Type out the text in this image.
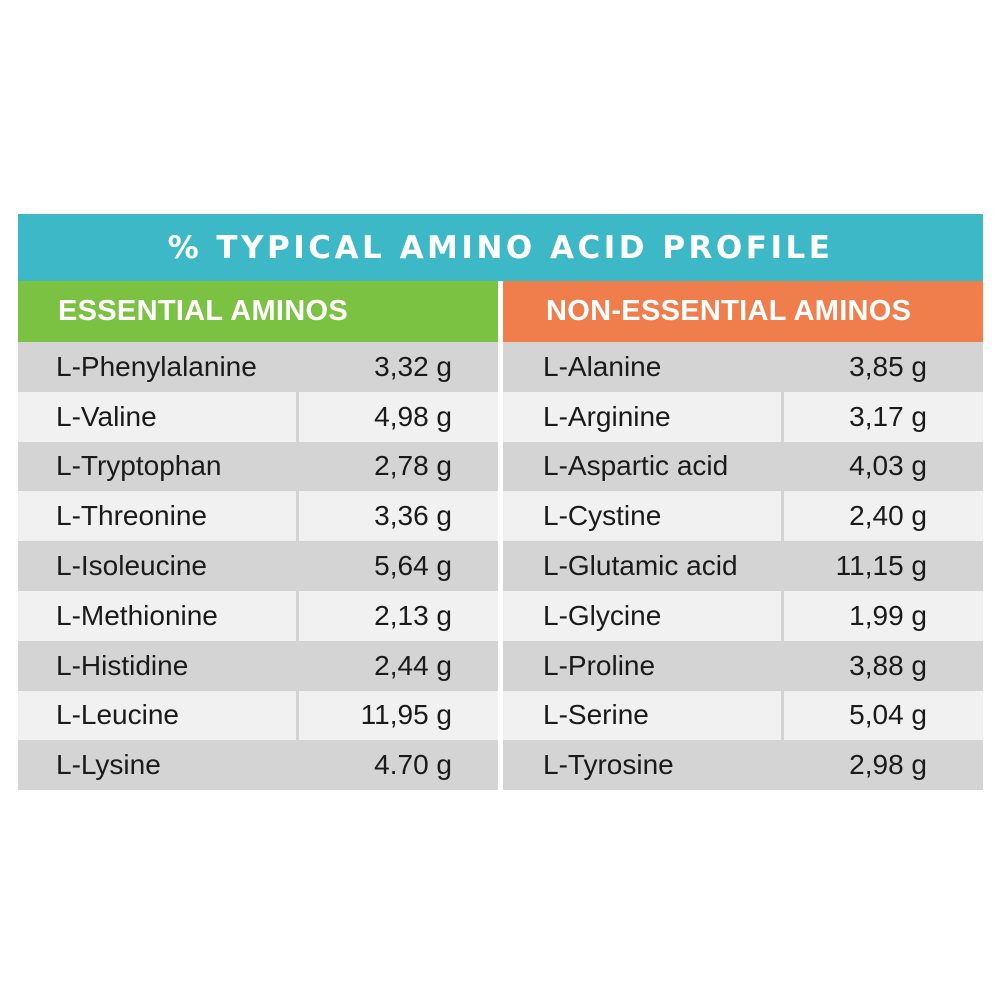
% TYPICAL AMINO ACID PROFILE
ESSENTIAL AMINOS
L-Phenylalanine	3,32 g
L-Valine	4,98 g
L-Tryptophan	2,78 g
L-Threonine	3,36 g
L-Isoleucine	5,64 g
L-Methionine	2,13 g
L-Histidine	2,44 g
L-Leucine	11,95 g
L-Lysine	4.70 g
NON-ESSENTIAL AMINOS
L-Alanine	3,85 g
L-Arginine	3,17 g
L-Aspartic acid	4,03 g
L-Cystine	2,40 g
L-Glutamic acid	11,15 g
L-Glycine	1,99 g
L-Proline	3,88 g
L-Serine	5,04 g
L-Tyrosine	2,98 g
